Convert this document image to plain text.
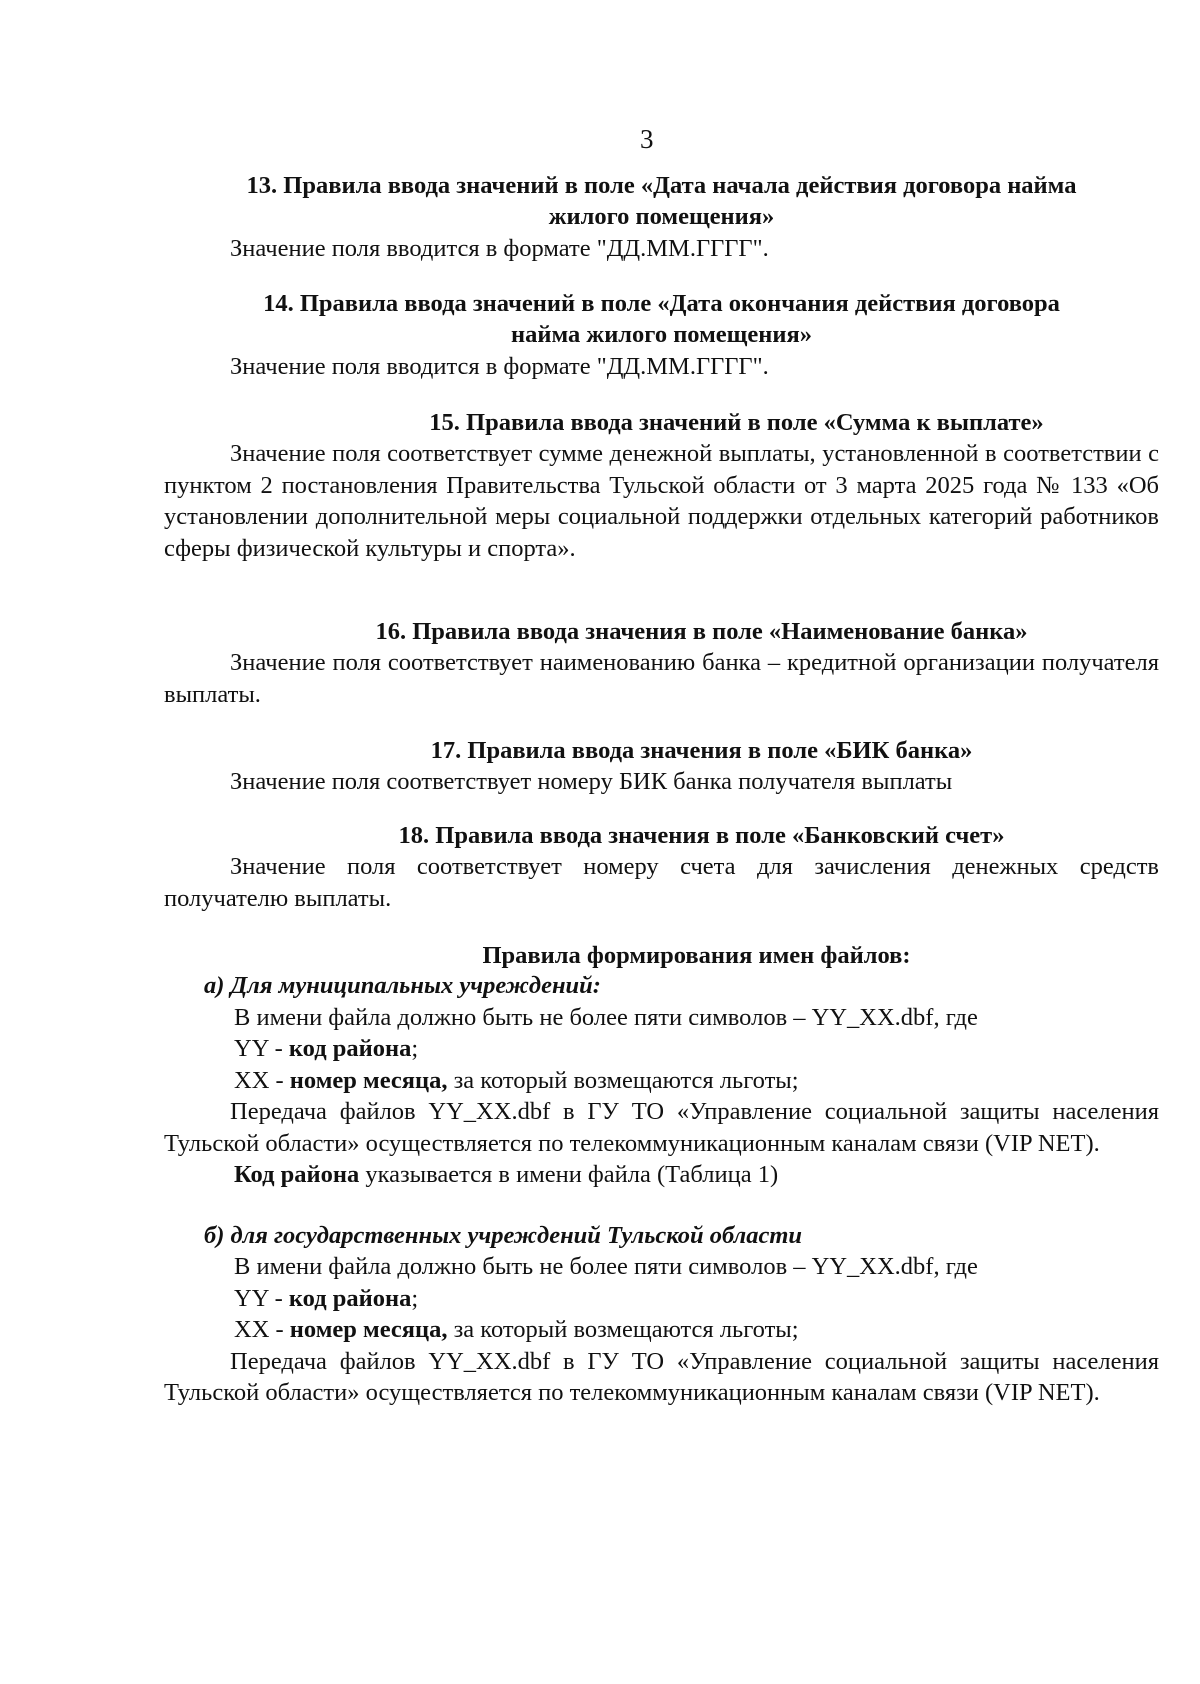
3

13. Правила ввода значений в поле «Дата начала действия договора найма

жилого помещения»

Значение поля вводится в формате "ДД.ММ.ГГГГ".

14. Правила ввода значений в поле «Дата окончания действия договора

найма жилого помещения»

Значение поля вводится в формате "ДД.ММ.ГГГГ".

15. Правила ввода значений в поле «Сумма к выплате»

Значение поля соответствует сумме денежной выплаты, установленной в соответствии с пунктом 2 постановления Правительства Тульской области от 3 марта 2025 года № 133 «Об установлении дополнительной меры социальной поддержки отдельных категорий работников сферы физической культуры и спорта».

16. Правила ввода значения в поле «Наименование банка»

Значение поля соответствует наименованию банка – кредитной организации получателя выплаты.

17. Правила ввода значения в поле «БИК банка»

Значение поля соответствует номеру БИК банка получателя выплаты

18. Правила ввода значения в поле «Банковский счет»

Значение поля соответствует номеру счета для зачисления денежных средств получателю выплаты.

Правила формирования имен файлов:

а) Для муниципальных учреждений:

В имени файла должно быть не более пяти символов – YY_XX.dbf, где

YY - код района;

XX - номер месяца, за который возмещаются льготы;

Передача файлов YY_XX.dbf в ГУ ТО «Управление социальной защиты населения Тульской области» осуществляется по телекоммуникационным каналам связи (VIP NET).

Код района указывается в имени файла (Таблица 1)

б) для государственных учреждений Тульской области

В имени файла должно быть не более пяти символов – YY_XX.dbf, где

YY - код района;

XX - номер месяца, за который возмещаются льготы;

Передача файлов YY_XX.dbf в ГУ ТО «Управление социальной защиты населения Тульской области» осуществляется по телекоммуникационным каналам связи (VIP NET).
